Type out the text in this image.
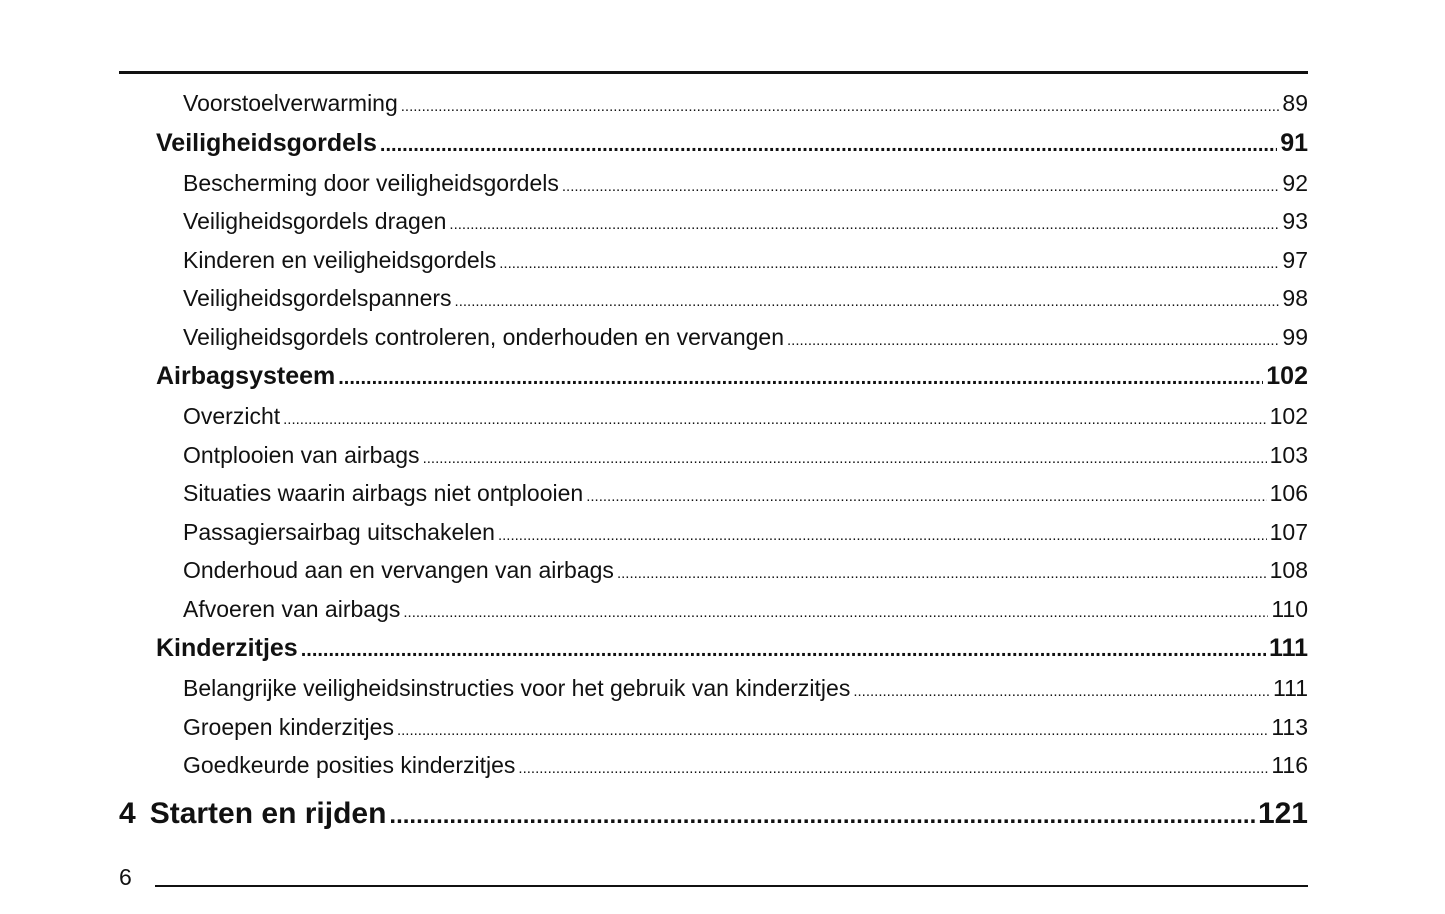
Voorstoelverwarming .....	89
Veiligheidsgordels .....	91
Bescherming door veiligheidsgordels .....	92
Veiligheidsgordels dragen .....	93
Kinderen en veiligheidsgordels .....	97
Veiligheidsgordelspanners .....	98
Veiligheidsgordels controleren, onderhouden en vervangen .....	99
Airbagsysteem .....	102
Overzicht .....	102
Ontplooien van airbags .....	103
Situaties waarin airbags niet ontplooien .....	106
Passagiersairbag uitschakelen .....	107
Onderhoud aan en vervangen van airbags .....	108
Afvoeren van airbags .....	110
Kinderzitjes .....	111
Belangrijke veiligheidsinstructies voor het gebruik van kinderzitjes .....	111
Groepen kinderzitjes .....	113
Goedkeurde posities kinderzitjes .....	116
4 Starten en rijden .....	121
6
